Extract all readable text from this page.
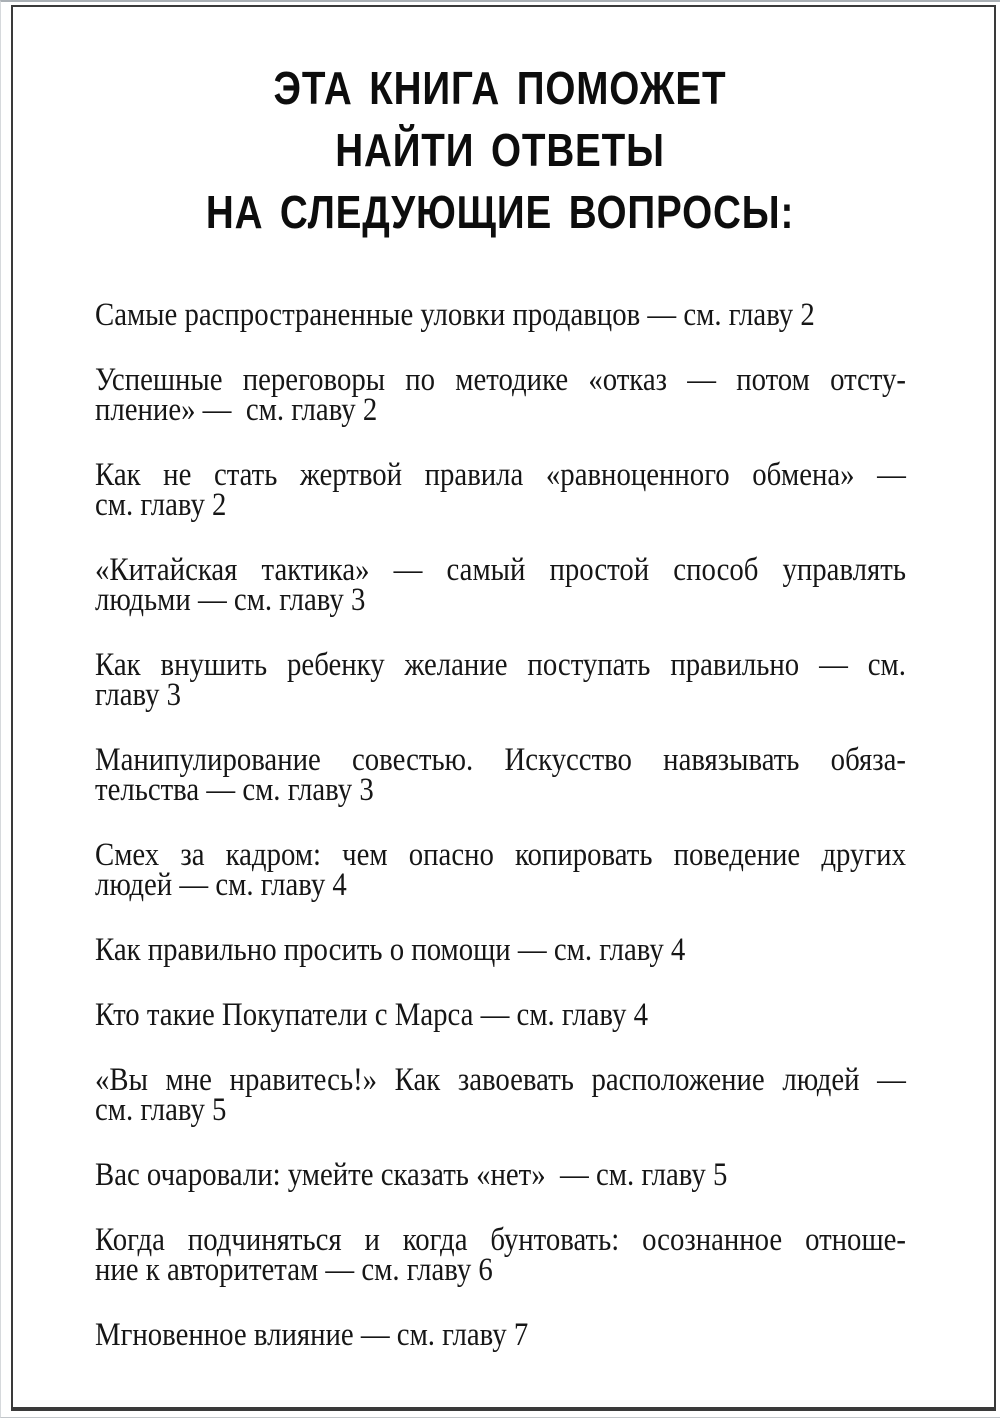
ЭТА КНИГА ПОМОЖЕТ
НАЙТИ ОТВЕТЫ
НА СЛЕДУЮЩИЕ ВОПРОСЫ:

Самые распространенные уловки продавцов — см. главу 2

Успешные переговоры по методике «отказ — потом отсту-
пление» —  см. главу 2

Как не стать жертвой правила «равноценного обмена» —
см. главу 2

«Китайская тактика» — самый простой способ управлять
людьми — см. главу 3

Как внушить ребенку желание поступать правильно — см.
главу 3

Манипулирование совестью. Искусство навязывать обяза-
тельства — см. главу 3

Смех за кадром: чем опасно копировать поведение других
людей — см. главу 4

Как правильно просить о помощи — см. главу 4

Кто такие Покупатели с Марса — см. главу 4

«Вы мне нравитесь!» Как завоевать расположение людей —
см. главу 5

Вас очаровали: умейте сказать «нет»  — см. главу 5

Когда подчиняться и когда бунтовать: осознанное отноше-
ние к авторитетам — см. главу 6

Мгновенное влияние — см. главу 7
